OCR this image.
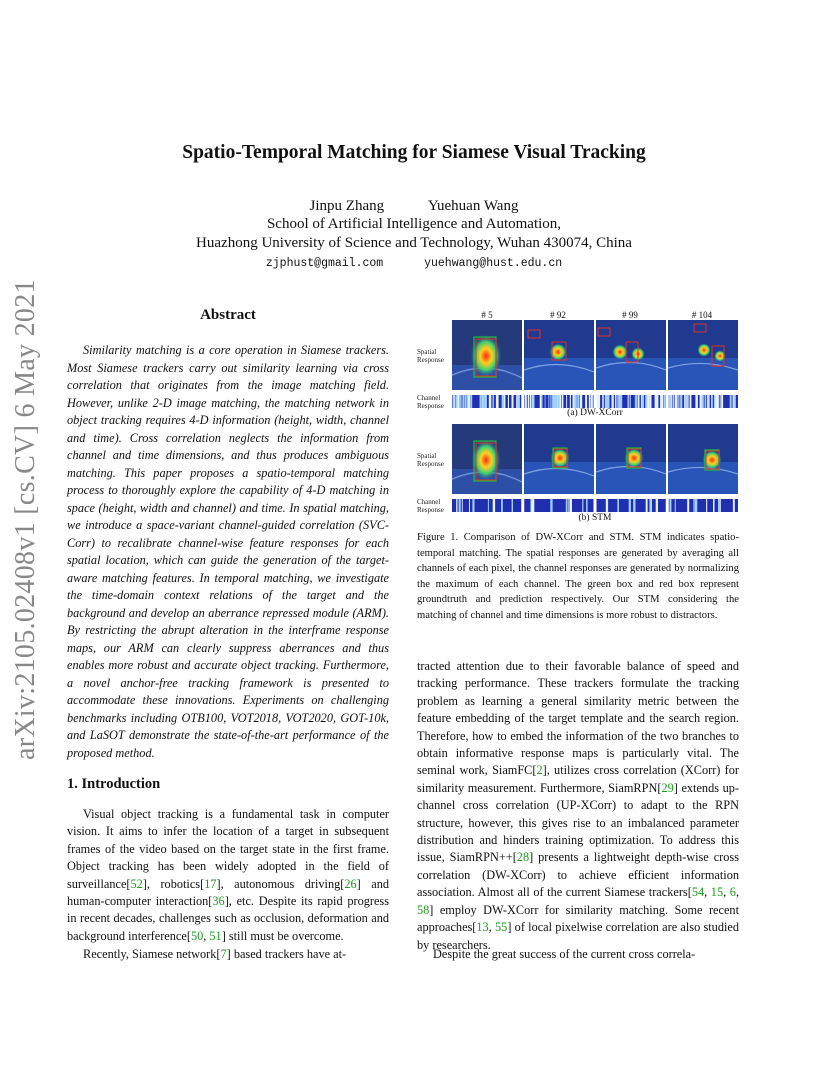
Spatio-Temporal Matching for Siamese Visual Tracking
Jinpu Zhang	Yuehuan Wang
School of Artificial Intelligence and Automation,
Huazhong University of Science and Technology, Wuhan 430074, China
zjphust@gmail.com	yuehwang@hust.edu.cn
arXiv:2105.02408v1 [cs.CV] 6 May 2021	Abstract

Similarity matching is a core operation in Siamese trackers. Most Siamese trackers carry out similarity learning via cross correlation that originates from the image matching field. However, unlike 2-D image matching, the matching network in object tracking requires 4-D information (height, width, channel and time). Cross correlation neglects the information from channel and time dimensions, and thus produces ambiguous matching. This paper proposes a spatio-temporal matching process to thoroughly explore the capability of 4-D matching in space (height, width and channel) and time. In spatial matching, we introduce a space-variant channel-guided correlation (SVC-Corr) to recalibrate channel-wise feature responses for each spatial location, which can guide the generation of the target-aware matching features. In temporal matching, we investigate the time-domain context relations of the target and the background and develop an aberrance repressed module (ARM). By restricting the abrupt alteration in the interframe response maps, our ARM can clearly suppress aberrances and thus enables more robust and accurate object tracking. Furthermore, a novel anchor-free tracking framework is presented to accommodate these innovations. Experiments on challenging benchmarks including OTB100, VOT2018, VOT2020, GOT-10k, and LaSOT demonstrate the state-of-the-art performance of the proposed method.

1. Introduction

Visual object tracking is a fundamental task in computer vision. It aims to infer the location of a target in subsequent frames of the video based on the target state in the first frame. Object tracking has been widely adopted in the field of surveillance[52], robotics[17], autonomous driving[26] and human-computer interaction[36], etc. Despite its rapid progress in recent decades, challenges such as occlusion, deformation and background interference[50, 51] still must be overcome.

Recently, Siamese network[7] based trackers have at-

# 5	# 92	# 99	# 104
Spatial Response
Channel Response
Spatial Response
Channel Response
(a) DW-XCorr
(b) STM

Figure 1. Comparison of DW-XCorr and STM. STM indicates spatio-temporal matching. The spatial responses are generated by averaging all channels of each pixel, the channel responses are generated by normalizing the maximum of each channel. The green box and red box represent groundtruth and prediction respectively. Our STM considering the matching of channel and time dimensions is more robust to distractors.

tracted attention due to their favorable balance of speed and tracking performance. These trackers formulate the tracking problem as learning a general similarity metric between the feature embedding of the target template and the search region. Therefore, how to embed the information of the two branches to obtain informative response maps is particularly vital. The seminal work, SiamFC[2], utilizes cross correlation (XCorr) for similarity measurement. Furthermore, SiamRPN[29] extends up-channel cross correlation (UP-XCorr) to adapt to the RPN structure, however, this gives rise to an imbalanced parameter distribution and hinders training optimization. To address this issue, SiamRPN++[28] presents a lightweight depth-wise cross correlation (DW-XCorr) to achieve efficient information association. Almost all of the current Siamese trackers[54, 15, 6, 58] employ DW-XCorr for similarity matching. Some recent approaches[13, 55] of local pixelwise correlation are also studied by researchers.

Despite the great success of the current cross correla-
